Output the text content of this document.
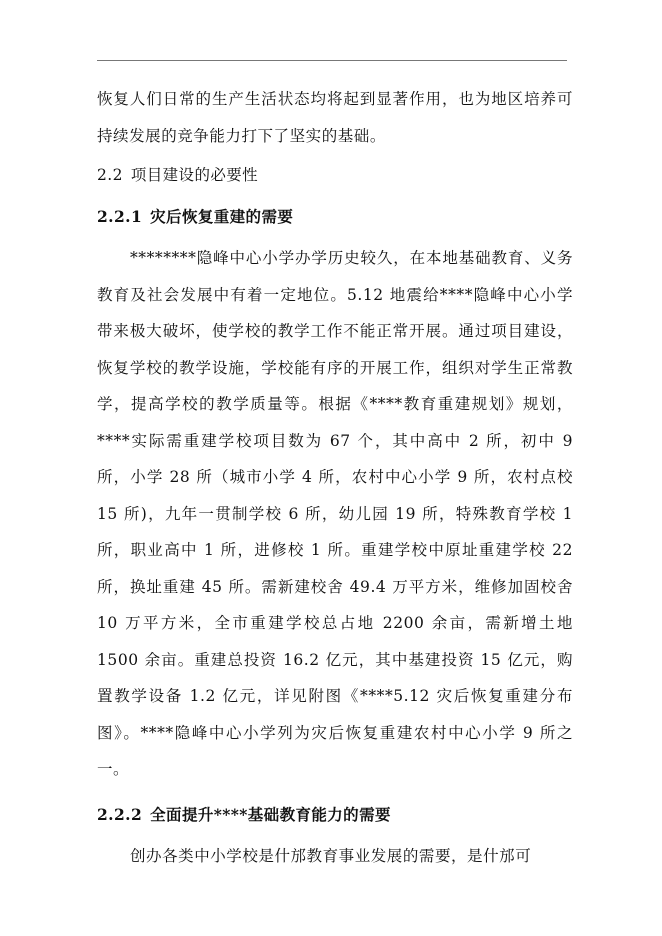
恢复人们日常的生产生活状态均将起到显著作用，也为地区培养可持续发展的竞争能力打下了坚实的基础。

2.2 项目建设的必要性
2.2.1 灾后恢复重建的需要

********隐峰中心小学办学历史较久，在本地基础教育、义务教育及社会发展中有着一定地位。5.12 地震给****隐峰中心小学带来极大破坏，使学校的教学工作不能正常开展。通过项目建设，恢复学校的教学设施，学校能有序的开展工作，组织对学生正常教学，提高学校的教学质量等。根据《****教育重建规划》规划，****实际需重建学校项目数为 67 个，其中高中 2 所，初中 9 所，小学 28 所（城市小学 4 所，农村中心小学 9 所，农村点校 15 所)，九年一贯制学校 6 所，幼儿园 19 所，特殊教育学校 1 所，职业高中 1 所，进修校 1 所。重建学校中原址重建学校 22 所，换址重建 45 所。需新建校舍 49.4 万平方米，维修加固校舍 10 万平方米，全市重建学校总占地 2200 余亩，需新增土地 1500 余亩。重建总投资 16.2 亿元，其中基建投资 15 亿元，购置教学设备 1.2 亿元，详见附图《****5.12 灾后恢复重建分布图》。****隐峰中心小学列为灾后恢复重建农村中心小学 9 所之一。

2.2.2 全面提升****基础教育能力的需要

创办各类中小学校是什邡教育事业发展的需要，是什邡可
